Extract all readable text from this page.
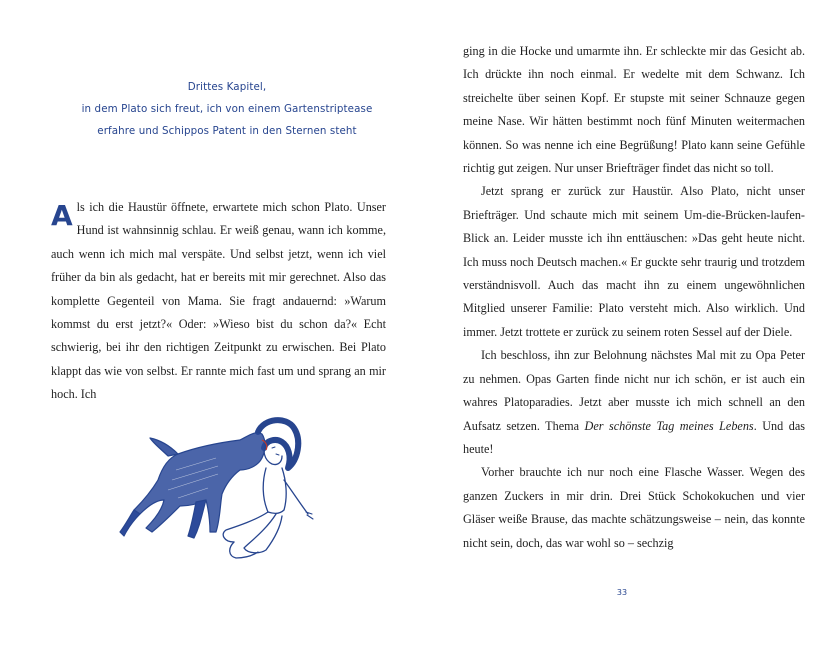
Drittes Kapitel,
in dem Plato sich freut, ich von einem Gartenstriptease
erfahre und Schippos Patent in den Sternen steht

Als ich die Haustür öffnete, erwartete mich schon Plato. Unser Hund ist wahnsinnig schlau. Er weiß genau, wann ich komme, auch wenn ich mich mal verspäte. Und selbst jetzt, wenn ich viel früher da bin als gedacht, hat er bereits mit mir gerechnet. Also das komplette Gegenteil von Mama. Sie fragt andauernd: »Warum kommst du erst jetzt?« Oder: »Wieso bist du schon da?« Echt schwierig, bei ihr den richtigen Zeitpunkt zu erwischen. Bei Plato klappt das wie von selbst. Er rannte mich fast um und sprang an mir hoch. Ich

ging in die Hocke und umarmte ihn. Er schleckte mir das Gesicht ab. Ich drückte ihn noch einmal. Er wedelte mit dem Schwanz. Ich streichelte über seinen Kopf. Er stupste mit seiner Schnauze gegen meine Nase. Wir hätten bestimmt noch fünf Minuten weitermachen können. So was nenne ich eine Begrüßung! Plato kann seine Gefühle richtig gut zeigen. Nur unser Briefträger findet das nicht so toll.

Jetzt sprang er zurück zur Haustür. Also Plato, nicht unser Briefträger. Und schaute mich mit seinem Um-die-Brücken-laufen-Blick an. Leider musste ich ihn enttäuschen: »Das geht heute nicht. Ich muss noch Deutsch machen.« Er guckte sehr traurig und trotzdem verständnisvoll. Auch das macht ihn zu einem ungewöhnlichen Mitglied unserer Familie: Plato versteht mich. Also wirklich. Und immer. Jetzt trottete er zurück zu seinem roten Sessel auf der Diele.

Ich beschloss, ihn zur Belohnung nächstes Mal mit zu Opa Peter zu nehmen. Opas Garten finde nicht nur ich schön, er ist auch ein wahres Platoparadies. Jetzt aber musste ich mich schnell an den Aufsatz setzen. Thema Der schönste Tag meines Lebens. Und das heute!

Vorher brauchte ich nur noch eine Flasche Wasser. Wegen des ganzen Zuckers in mir drin. Drei Stück Schokokuchen und vier Gläser weiße Brause, das machte schätzungsweise – nein, das konnte nicht sein, doch, das war wohl so – sechzig

33
